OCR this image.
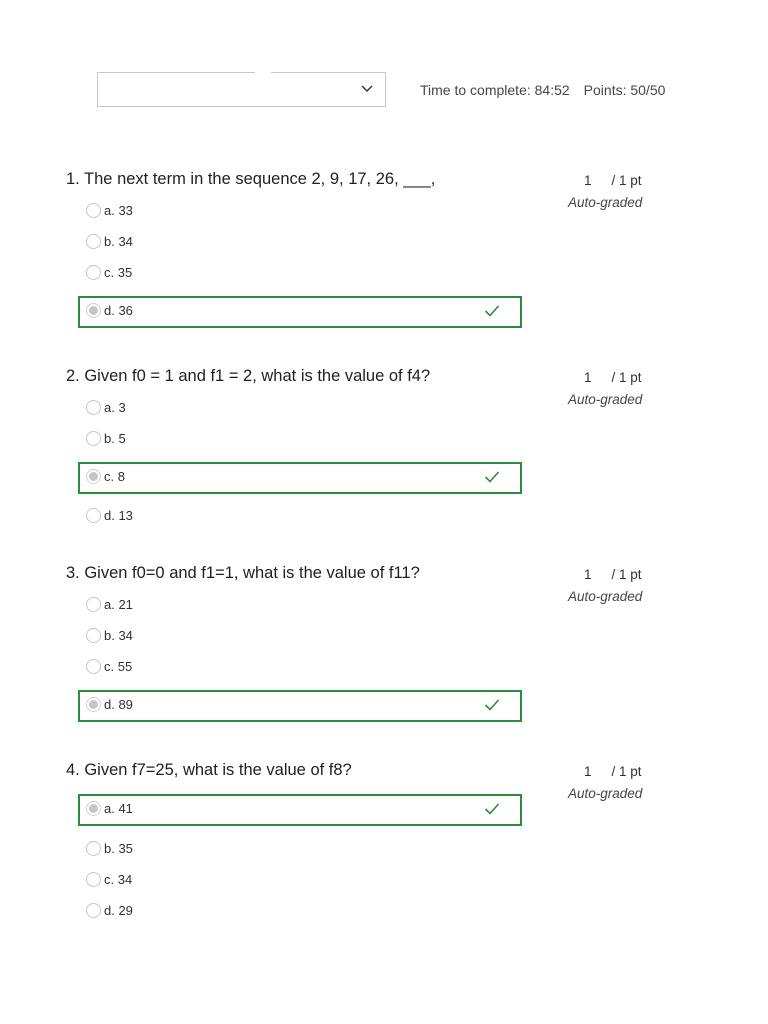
Time to complete: 84:52 Points: 50/50
1. The next term in the sequence 2, 9, 17, 26, ___,	1 / 1 pt
Auto-graded
a. 33
b. 34
c. 35
d. 36
2. Given f0 = 1 and f1 = 2, what is the value of f4?	1 / 1 pt
Auto-graded
a. 3
b. 5
c. 8
d. 13
3. Given f0=0 and f1=1, what is the value of f11?	1 / 1 pt
Auto-graded
a. 21
b. 34
c. 55
d. 89
4. Given f7=25, what is the value of f8?	1 / 1 pt
Auto-graded
a. 41
b. 35
c. 34
d. 29
